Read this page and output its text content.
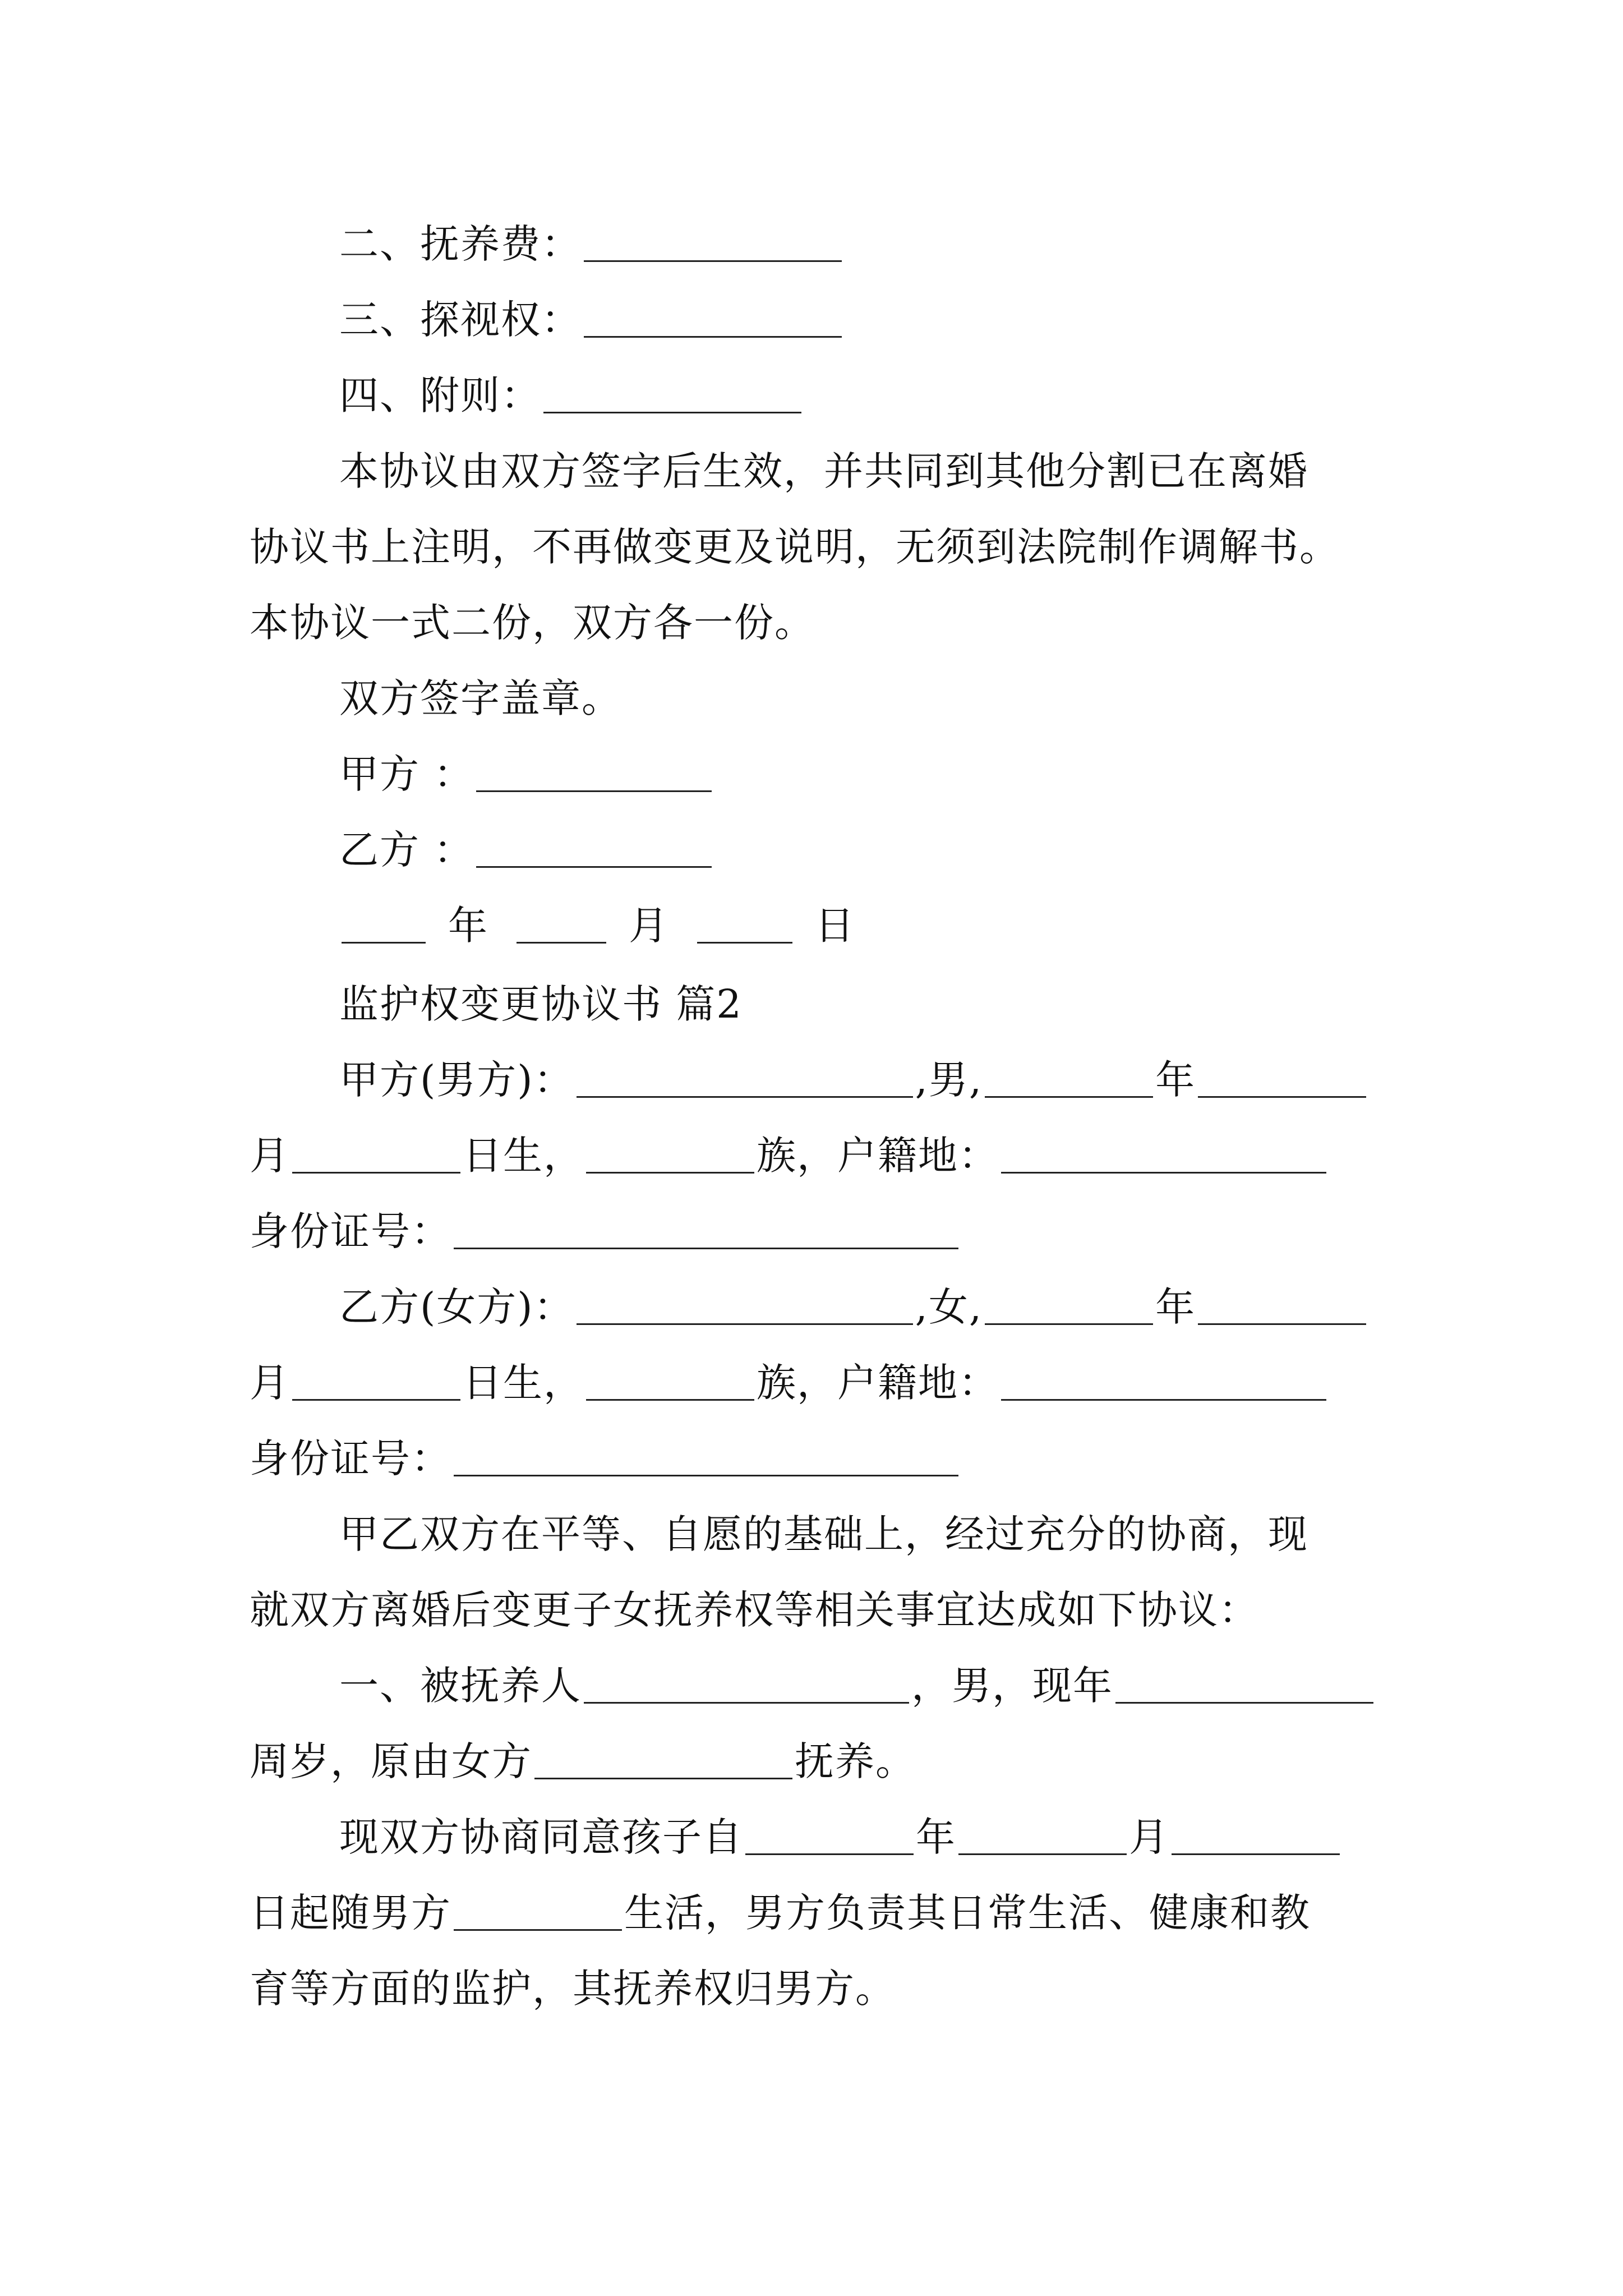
二、抚养费：
三、探视权：
四、附则：
本协议由双方签字后生效，并共同到其他分割已在离婚
协议书上注明，不再做变更及说明，无须到法院制作调解书。
本协议一式二份，双方各一份。
双方签字盖章。
甲方 ：
乙方 ：
年	月	日
监护权变更协议书 篇2
甲方(男方)：	,男,	年
月	日生，	族，户籍地：
身份证号：
乙方(女方)：	,女,	年
月	日生，	族，户籍地：
身份证号：
甲乙双方在平等、自愿的基础上，经过充分的协商，现
就双方离婚后变更子女抚养权等相关事宜达成如下协议：
一、被抚养人	，男，现年
周岁，原由女方	抚养。
现双方协商同意孩子自	年	月
日起随男方	生活，男方负责其日常生活、健康和教
育等方面的监护，其抚养权归男方。
